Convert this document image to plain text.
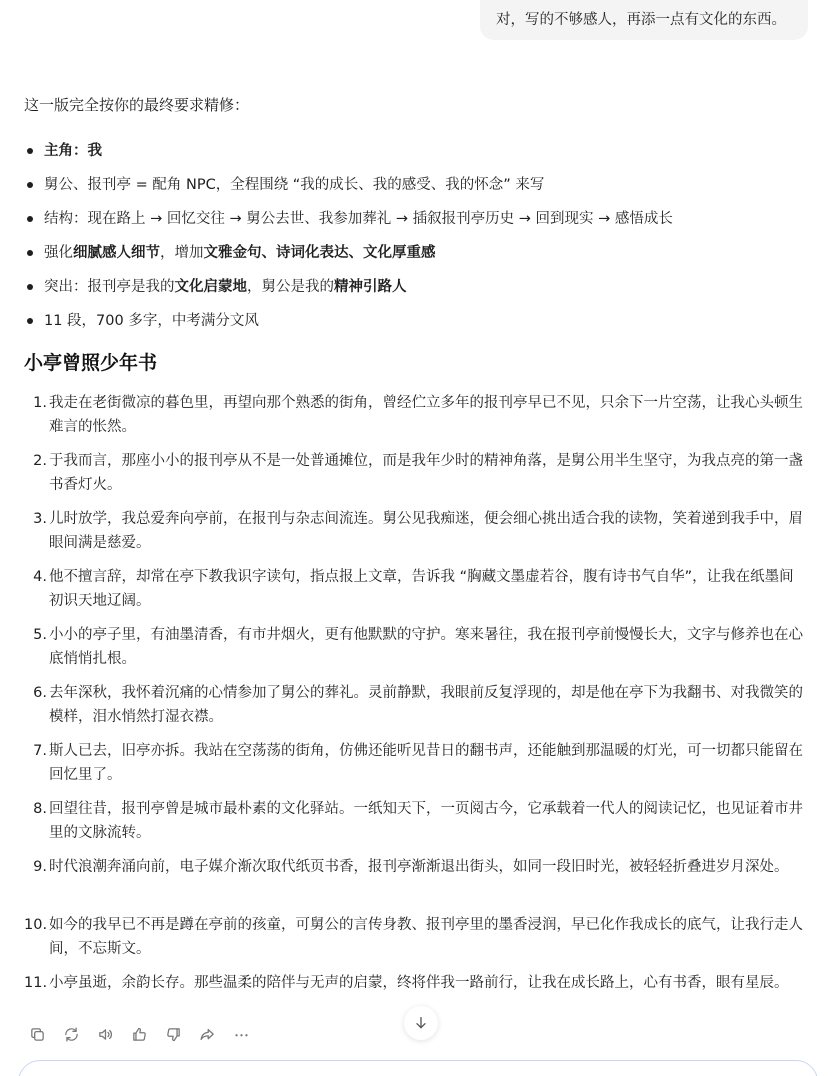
对，写的不够感人，再添一点有文化的东西。
这一版完全按你的最终要求精修：
主角：我
舅公、报刊亭 = 配角 NPC，全程围绕 “我的成长、我的感受、我的怀念” 来写
结构：现在路上 → 回忆交往 → 舅公去世、我参加葬礼 → 插叙报刊亭历史 → 回到现实 → 感悟成长
强化细腻感人细节，增加文雅金句、诗词化表达、文化厚重感
突出：报刊亭是我的文化启蒙地，舅公是我的精神引路人
11 段，700 多字，中考满分文风
小亭曾照少年书
1. 我走在老街微凉的暮色里，再望向那个熟悉的街角，曾经伫立多年的报刊亭早已不见，只余下一片空荡，让我心头顿生难言的怅然。
2. 于我而言，那座小小的报刊亭从不是一处普通摊位，而是我年少时的精神角落，是舅公用半生坚守，为我点亮的第一盏书香灯火。
3. 儿时放学，我总爱奔向亭前，在报刊与杂志间流连。舅公见我痴迷，便会细心挑出适合我的读物，笑着递到我手中，眉眼间满是慈爱。
4. 他不擅言辞，却常在亭下教我识字读句，指点报上文章，告诉我 “胸藏文墨虚若谷，腹有诗书气自华”，让我在纸墨间初识天地辽阔。
5. 小小的亭子里，有油墨清香，有市井烟火，更有他默默的守护。寒来暑往，我在报刊亭前慢慢长大，文字与修养也在心底悄悄扎根。
6. 去年深秋，我怀着沉痛的心情参加了舅公的葬礼。灵前静默，我眼前反复浮现的，却是他在亭下为我翻书、对我微笑的模样，泪水悄然打湿衣襟。
7. 斯人已去，旧亭亦拆。我站在空荡荡的街角，仿佛还能听见昔日的翻书声，还能触到那温暖的灯光，可一切都只能留在回忆里了。
8. 回望往昔，报刊亭曾是城市最朴素的文化驿站。一纸知天下，一页阅古今，它承载着一代人的阅读记忆，也见证着市井里的文脉流转。
9. 时代浪潮奔涌向前，电子媒介渐次取代纸页书香，报刊亭渐渐退出街头，如同一段旧时光，被轻轻折叠进岁月深处。
10. 如今的我早已不再是蹲在亭前的孩童，可舅公的言传身教、报刊亭里的墨香浸润，早已化作我成长的底气，让我行走人间，不忘斯文。
11. 小亭虽逝，余韵长存。那些温柔的陪伴与无声的启蒙，终将伴我一路前行，让我在成长路上，心有书香，眼有星辰。
